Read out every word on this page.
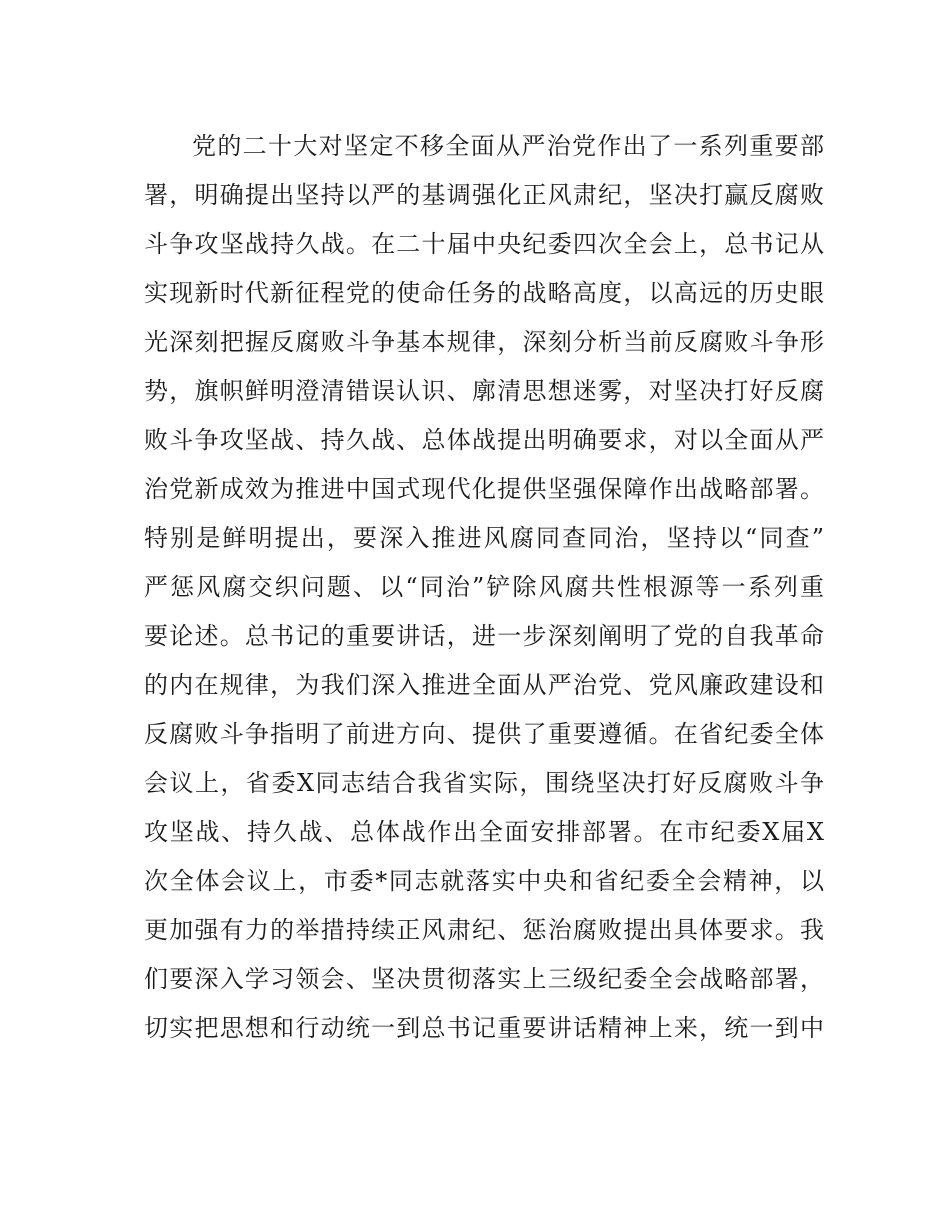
党的二十大对坚定不移全面从严治党作出了一系列重要部
署，明确提出坚持以严的基调强化正风肃纪，坚决打赢反腐败
斗争攻坚战持久战。在二十届中央纪委四次全会上，总书记从
实现新时代新征程党的使命任务的战略高度，以高远的历史眼
光深刻把握反腐败斗争基本规律，深刻分析当前反腐败斗争形
势，旗帜鲜明澄清错误认识、廓清思想迷雾，对坚决打好反腐
败斗争攻坚战、持久战、总体战提出明确要求，对以全面从严
治党新成效为推进中国式现代化提供坚强保障作出战略部署。
特别是鲜明提出，要深入推进风腐同查同治，坚持以“同查”
严惩风腐交织问题、以“同治”铲除风腐共性根源等一系列重
要论述。总书记的重要讲话，进一步深刻阐明了党的自我革命
的内在规律，为我们深入推进全面从严治党、党风廉政建设和
反腐败斗争指明了前进方向、提供了重要遵循。在省纪委全体
会议上，省委X同志结合我省实际，围绕坚决打好反腐败斗争
攻坚战、持久战、总体战作出全面安排部署。在市纪委X届X
次全体会议上，市委*同志就落实中央和省纪委全会精神，以
更加强有力的举措持续正风肃纪、惩治腐败提出具体要求。我
们要深入学习领会、坚决贯彻落实上三级纪委全会战略部署，
切实把思想和行动统一到总书记重要讲话精神上来，统一到中
